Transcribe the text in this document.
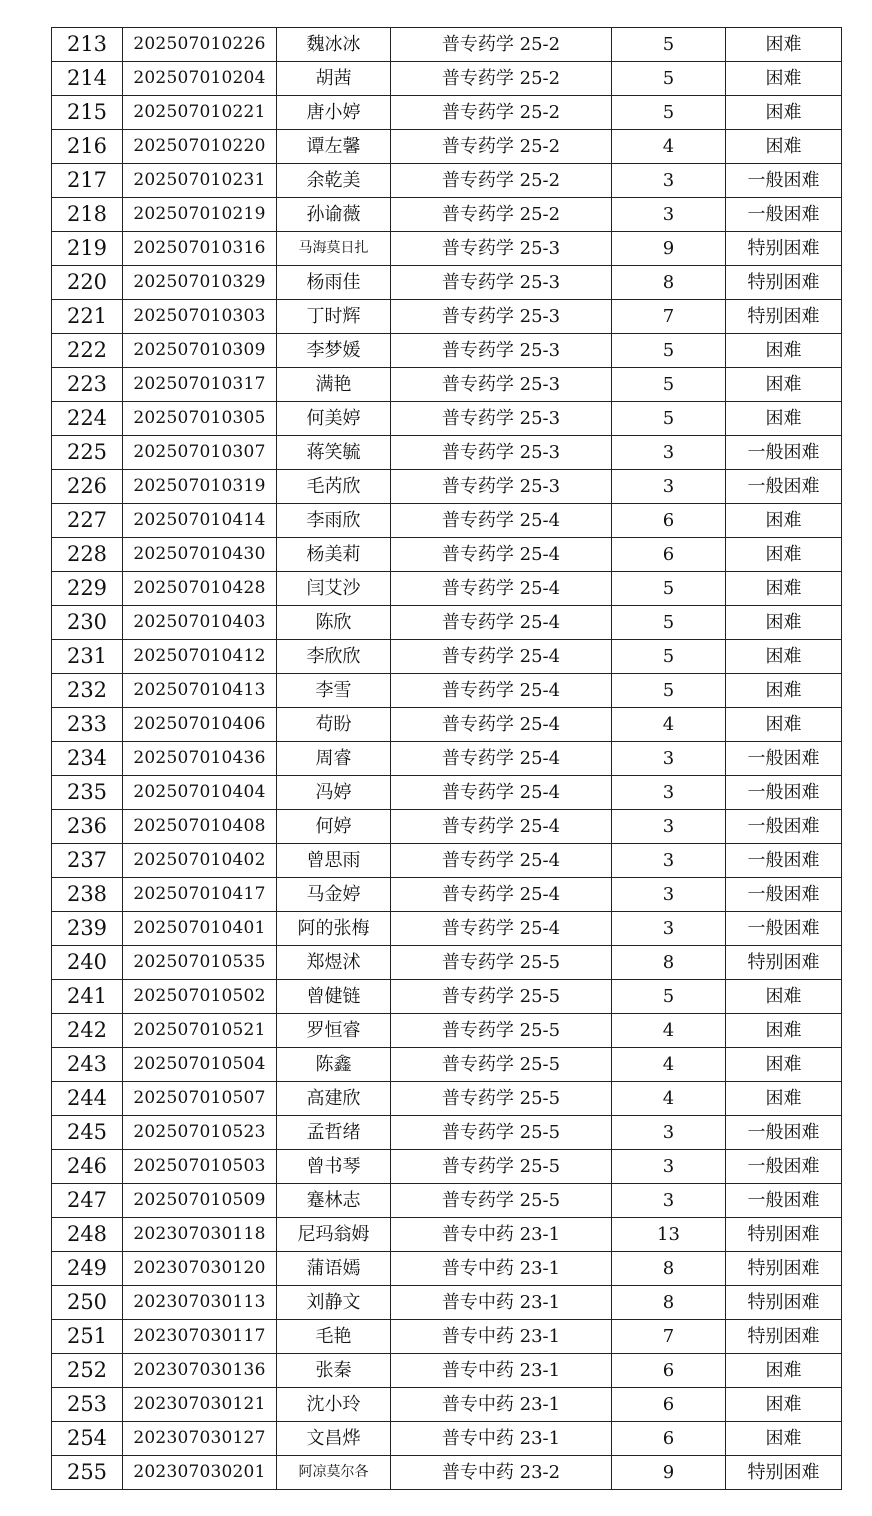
213	202507010226	魏冰冰	普专药学 25-2	5	困难
214	202507010204	胡茜	普专药学 25-2	5	困难
215	202507010221	唐小婷	普专药学 25-2	5	困难
216	202507010220	谭左馨	普专药学 25-2	4	困难
217	202507010231	余乾美	普专药学 25-2	3	一般困难
218	202507010219	孙谕薇	普专药学 25-2	3	一般困难
219	202507010316	马海莫日扎	普专药学 25-3	9	特别困难
220	202507010329	杨雨佳	普专药学 25-3	8	特别困难
221	202507010303	丁时辉	普专药学 25-3	7	特别困难
222	202507010309	李梦媛	普专药学 25-3	5	困难
223	202507010317	满艳	普专药学 25-3	5	困难
224	202507010305	何美婷	普专药学 25-3	5	困难
225	202507010307	蒋笑毓	普专药学 25-3	3	一般困难
226	202507010319	毛芮欣	普专药学 25-3	3	一般困难
227	202507010414	李雨欣	普专药学 25-4	6	困难
228	202507010430	杨美莉	普专药学 25-4	6	困难
229	202507010428	闫艾沙	普专药学 25-4	5	困难
230	202507010403	陈欣	普专药学 25-4	5	困难
231	202507010412	李欣欣	普专药学 25-4	5	困难
232	202507010413	李雪	普专药学 25-4	5	困难
233	202507010406	苟盼	普专药学 25-4	4	困难
234	202507010436	周睿	普专药学 25-4	3	一般困难
235	202507010404	冯婷	普专药学 25-4	3	一般困难
236	202507010408	何婷	普专药学 25-4	3	一般困难
237	202507010402	曾思雨	普专药学 25-4	3	一般困难
238	202507010417	马金婷	普专药学 25-4	3	一般困难
239	202507010401	阿的张梅	普专药学 25-4	3	一般困难
240	202507010535	郑煜沭	普专药学 25-5	8	特别困难
241	202507010502	曾健链	普专药学 25-5	5	困难
242	202507010521	罗恒睿	普专药学 25-5	4	困难
243	202507010504	陈鑫	普专药学 25-5	4	困难
244	202507010507	高建欣	普专药学 25-5	4	困难
245	202507010523	孟哲绪	普专药学 25-5	3	一般困难
246	202507010503	曾书琴	普专药学 25-5	3	一般困难
247	202507010509	蹇林志	普专药学 25-5	3	一般困难
248	202307030118	尼玛翁姆	普专中药 23-1	13	特别困难
249	202307030120	蒲语嫣	普专中药 23-1	8	特别困难
250	202307030113	刘静文	普专中药 23-1	8	特别困难
251	202307030117	毛艳	普专中药 23-1	7	特别困难
252	202307030136	张秦	普专中药 23-1	6	困难
253	202307030121	沈小玲	普专中药 23-1	6	困难
254	202307030127	文昌烨	普专中药 23-1	6	困难
255	202307030201	阿凉莫尔各	普专中药 23-2	9	特别困难
